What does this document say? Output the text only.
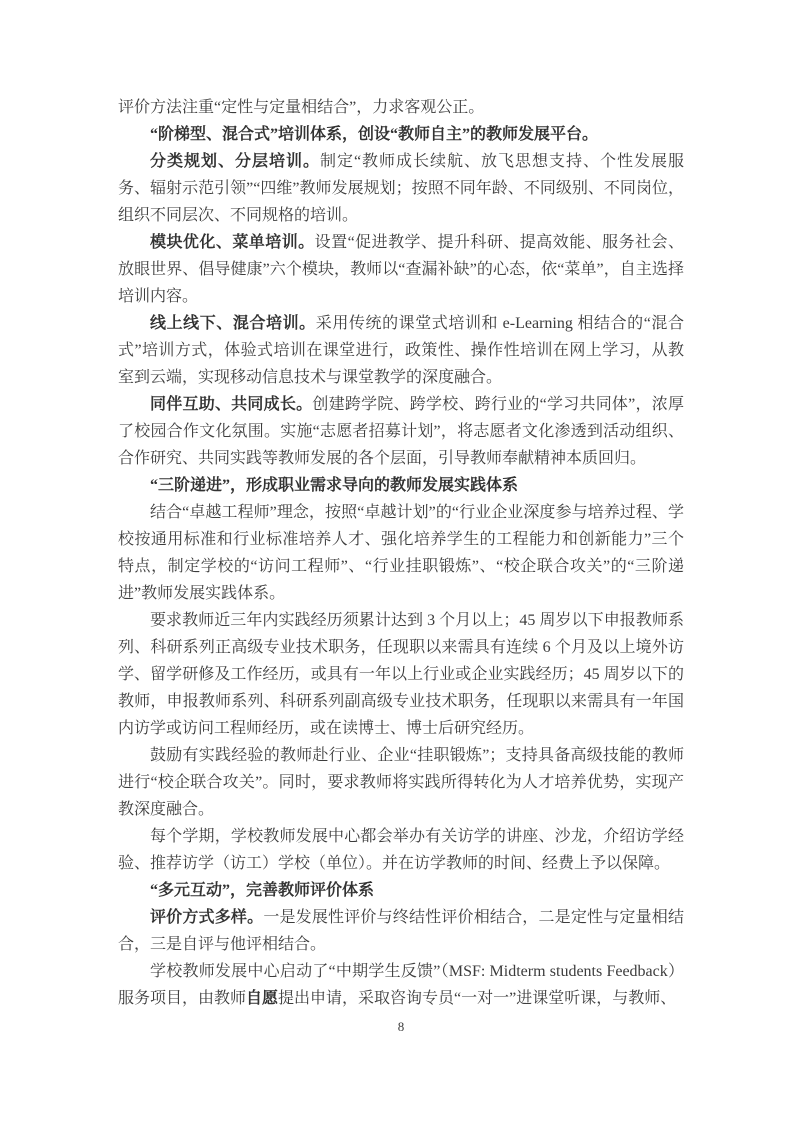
评价方法注重“定性与定量相结合”，力求客观公正。

“阶梯型、混合式”培训体系，创设“教师自主”的教师发展平台。

分类规划、分层培训。制定“教师成长续航、放飞思想支持、个性发展服务、辐射示范引领”“四维”教师发展规划；按照不同年龄、不同级别、不同岗位，组织不同层次、不同规格的培训。

模块优化、菜单培训。设置“促进教学、提升科研、提高效能、服务社会、放眼世界、倡导健康”六个模块，教师以“查漏补缺”的心态，依“菜单”，自主选择培训内容。

线上线下、混合培训。采用传统的课堂式培训和 e-Learning 相结合的“混合式”培训方式，体验式培训在课堂进行，政策性、操作性培训在网上学习，从教室到云端，实现移动信息技术与课堂教学的深度融合。

同伴互助、共同成长。创建跨学院、跨学校、跨行业的“学习共同体”，浓厚了校园合作文化氛围。实施“志愿者招募计划”，将志愿者文化渗透到活动组织、合作研究、共同实践等教师发展的各个层面，引导教师奉献精神本质回归。

“三阶递进”，形成职业需求导向的教师发展实践体系

结合“卓越工程师”理念，按照“卓越计划”的“行业企业深度参与培养过程、学校按通用标准和行业标准培养人才、强化培养学生的工程能力和创新能力”三个特点，制定学校的“访问工程师”、“行业挂职锻炼”、“校企联合攻关”的“三阶递进”教师发展实践体系。

要求教师近三年内实践经历须累计达到 3 个月以上；45 周岁以下申报教师系列、科研系列正高级专业技术职务，任现职以来需具有连续 6 个月及以上境外访学、留学研修及工作经历，或具有一年以上行业或企业实践经历；45 周岁以下的教师，申报教师系列、科研系列副高级专业技术职务，任现职以来需具有一年国内访学或访问工程师经历，或在读博士、博士后研究经历。

鼓励有实践经验的教师赴行业、企业“挂职锻炼”；支持具备高级技能的教师进行“校企联合攻关”。同时，要求教师将实践所得转化为人才培养优势，实现产教深度融合。

每个学期，学校教师发展中心都会举办有关访学的讲座、沙龙，介绍访学经验、推荐访学（访工）学校（单位）。并在访学教师的时间、经费上予以保障。

“多元互动”，完善教师评价体系

评价方式多样。一是发展性评价与终结性评价相结合，二是定性与定量相结合，三是自评与他评相结合。

学校教师发展中心启动了“中期学生反馈”（MSF: Midterm students Feedback）服务项目，由教师自愿提出申请，采取咨询专员“一对一”进课堂听课，与教师、

8
